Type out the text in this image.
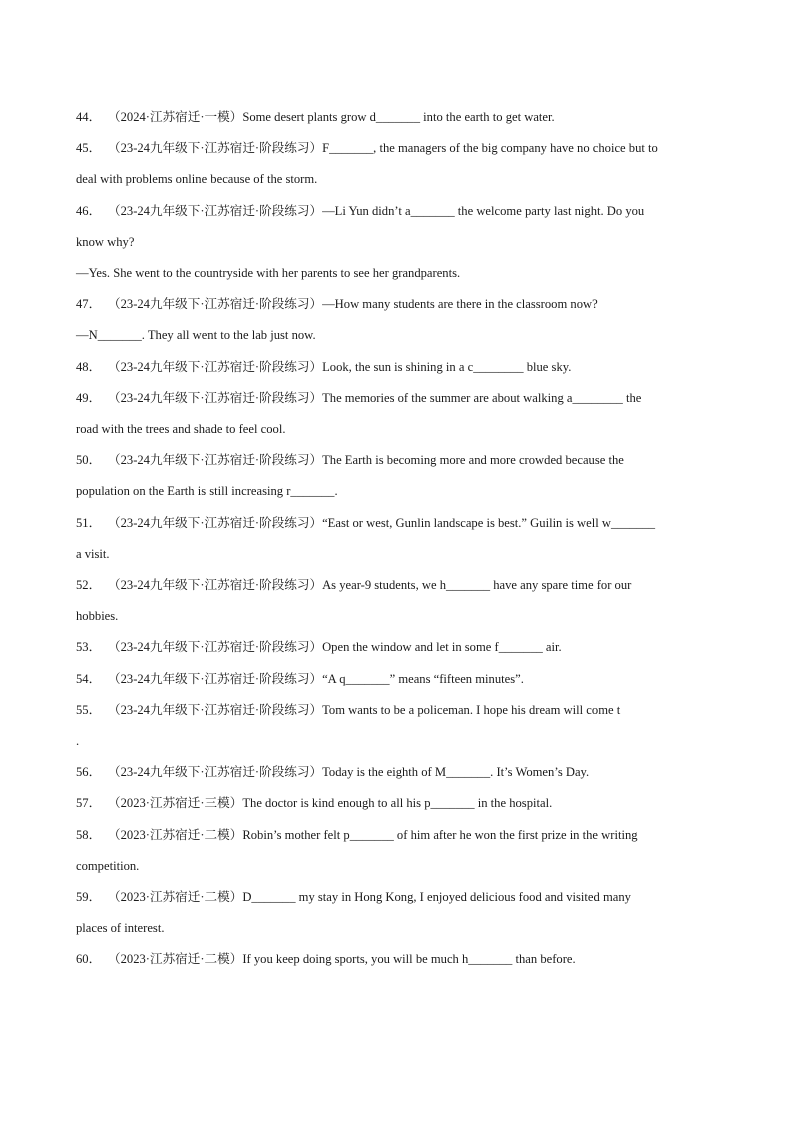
44． （2024·江苏宿迁·一模）Some desert plants grow d_______ into the earth to get water.

45． （23-24九年级下·江苏宿迁·阶段练习）F_______, the managers of the big company have no choice but to
deal with problems online because of the storm.

46． （23-24九年级下·江苏宿迁·阶段练习）—Li Yun didn’t a_______ the welcome party last night. Do you
know why?
—Yes. She went to the countryside with her parents to see her grandparents.

47． （23-24九年级下·江苏宿迁·阶段练习）—How many students are there in the classroom now?
—N_______. They all went to the lab just now.

48． （23-24九年级下·江苏宿迁·阶段练习）Look, the sun is shining in a c________ blue sky.

49． （23-24九年级下·江苏宿迁·阶段练习）The memories of the summer are about walking a________ the
road with the trees and shade to feel cool.

50． （23-24九年级下·江苏宿迁·阶段练习）The Earth is becoming more and more crowded because the
population on the Earth is still increasing r_______.

51． （23-24九年级下·江苏宿迁·阶段练习）“East or west, Gunlin landscape is best.” Guilin is well w_______
a visit.

52． （23-24九年级下·江苏宿迁·阶段练习）As year-9 students, we h_______ have any spare time for our
hobbies.

53． （23-24九年级下·江苏宿迁·阶段练习）Open the window and let in some f_______ air.

54． （23-24九年级下·江苏宿迁·阶段练习）“A q_______” means “fifteen minutes”.

55． （23-24九年级下·江苏宿迁·阶段练习）Tom wants to be a policeman. I hope his dream will come t
.

56． （23-24九年级下·江苏宿迁·阶段练习）Today is the eighth of M_______. It’s Women’s Day.

57． （2023·江苏宿迁·三模）The doctor is kind enough to all his p_______ in the hospital.

58． （2023·江苏宿迁·二模）Robin’s mother felt p_______ of him after he won the first prize in the writing
competition.

59． （2023·江苏宿迁·二模）D_______ my stay in Hong Kong, I enjoyed delicious food and visited many
places of interest.

60． （2023·江苏宿迁·二模）If you keep doing sports, you will be much h_______ than before.
